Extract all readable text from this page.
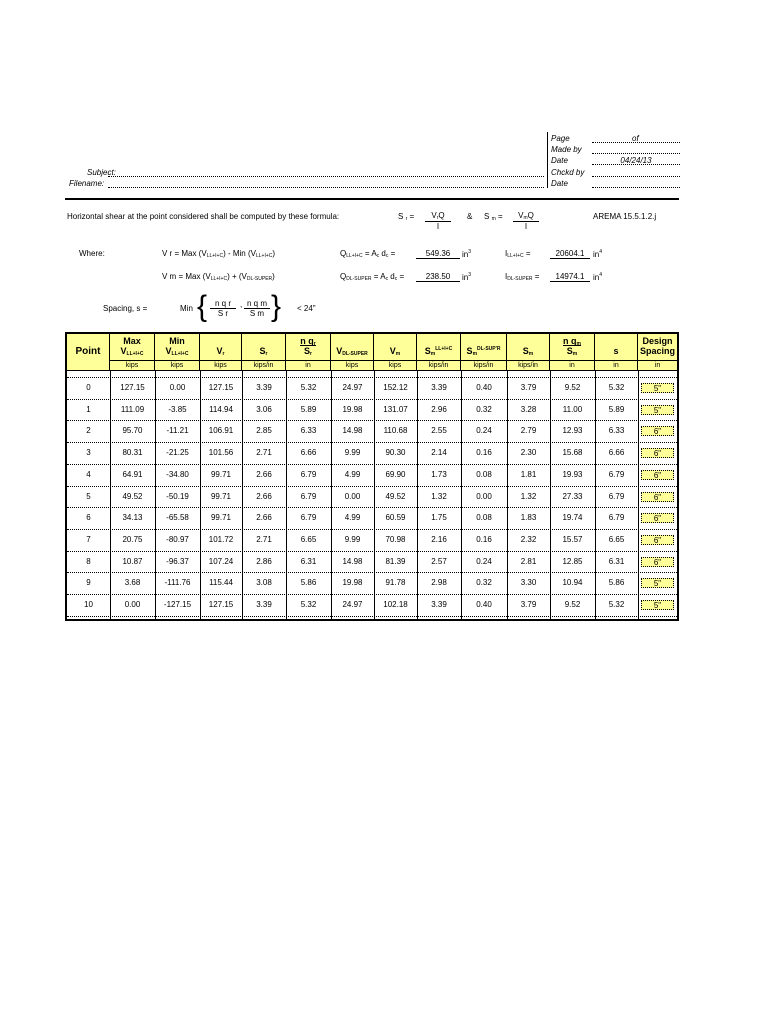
Page	of
Made by
Date	04/24/13
Chckd by
Date
Subject:
Filename:
Horizontal shear at the point considered shall be computed by these formula:	S $_r$ =	$V_rQ$
I
& S $_m$ =	$V_mQ$
I
AREMA 15.5.1.2.j
Where:	V r = Max $(V_{LL+I+C})$ - Min $(V_{LL+I+C})$
V m = Max $(V_{LL+I+C}) + (V_{DL-SUPER})$
$Q_{LL+I+C} = A_c$ $d_c$ =	549.36	$in^3$
$Q_{DL-SUPER} = A_c$ $d_c$ =	238.50	$in^3$
$I_{LL+I+C}$ =	20604.1	$in^4$
$I_{DL-SUPER}$ =	14974.1	$in^4$
Spacing, s =	Min { $\frac{\text{n q r}}{\text{S r}}$ , $\frac{\text{n q m}}{\text{S m}}$ } < 24"
Point
Max
$V_{LL+I+C}$
kips
Min
$V_{LL+I+C}$
kips
$V_r$
kips
$S_r$
kips/in
n $q_r$
$S_r$
in
$V_{DL-SUPER}$
kips
$V_m$
kips
$S_m^{LL+I+C}$
kips/in
$S_m^{DL-SUP'R}$
kips/in
$S_m$
kips/in
n $q_m$
$S_m$
in
s
in
Design
Spacing
in
0	127.15	0.00	127.15	3.39	5.32	24.97	152.12	3.39	0.40	3.79	9.52	5.32	5"
1	111.09	-3.85	114.94	3.06	5.89	19.98	131.07	2.96	0.32	3.28	11.00	5.89	5"
2	95.70	-11.21	106.91	2.85	6.33	14.98	110.68	2.55	0.24	2.79	12.93	6.33	6"
3	80.31	-21.25	101.56	2.71	6.66	9.99	90.30	2.14	0.16	2.30	15.68	6.66	6"
4	64.91	-34.80	99.71	2.66	6.79	4.99	69.90	1.73	0.08	1.81	19.93	6.79	6"
5	49.52	-50.19	99.71	2.66	6.79	0.00	49.52	1.32	0.00	1.32	27.33	6.79	6"
6	34.13	-65.58	99.71	2.66	6.79	4.99	60.59	1.75	0.08	1.83	19.74	6.79	6"
7	20.75	-80.97	101.72	2.71	6.65	9.99	70.98	2.16	0.16	2.32	15.57	6.65	6"
8	10.87	-96.37	107.24	2.86	6.31	14.98	81.39	2.57	0.24	2.81	12.85	6.31	6"
9	3.68	-111.76	115.44	3.08	5.86	19.98	91.78	2.98	0.32	3.30	10.94	5.86	5"
10	0.00	-127.15	127.15	3.39	5.32	24.97	102.18	3.39	0.40	3.79	9.52	5.32	5"
